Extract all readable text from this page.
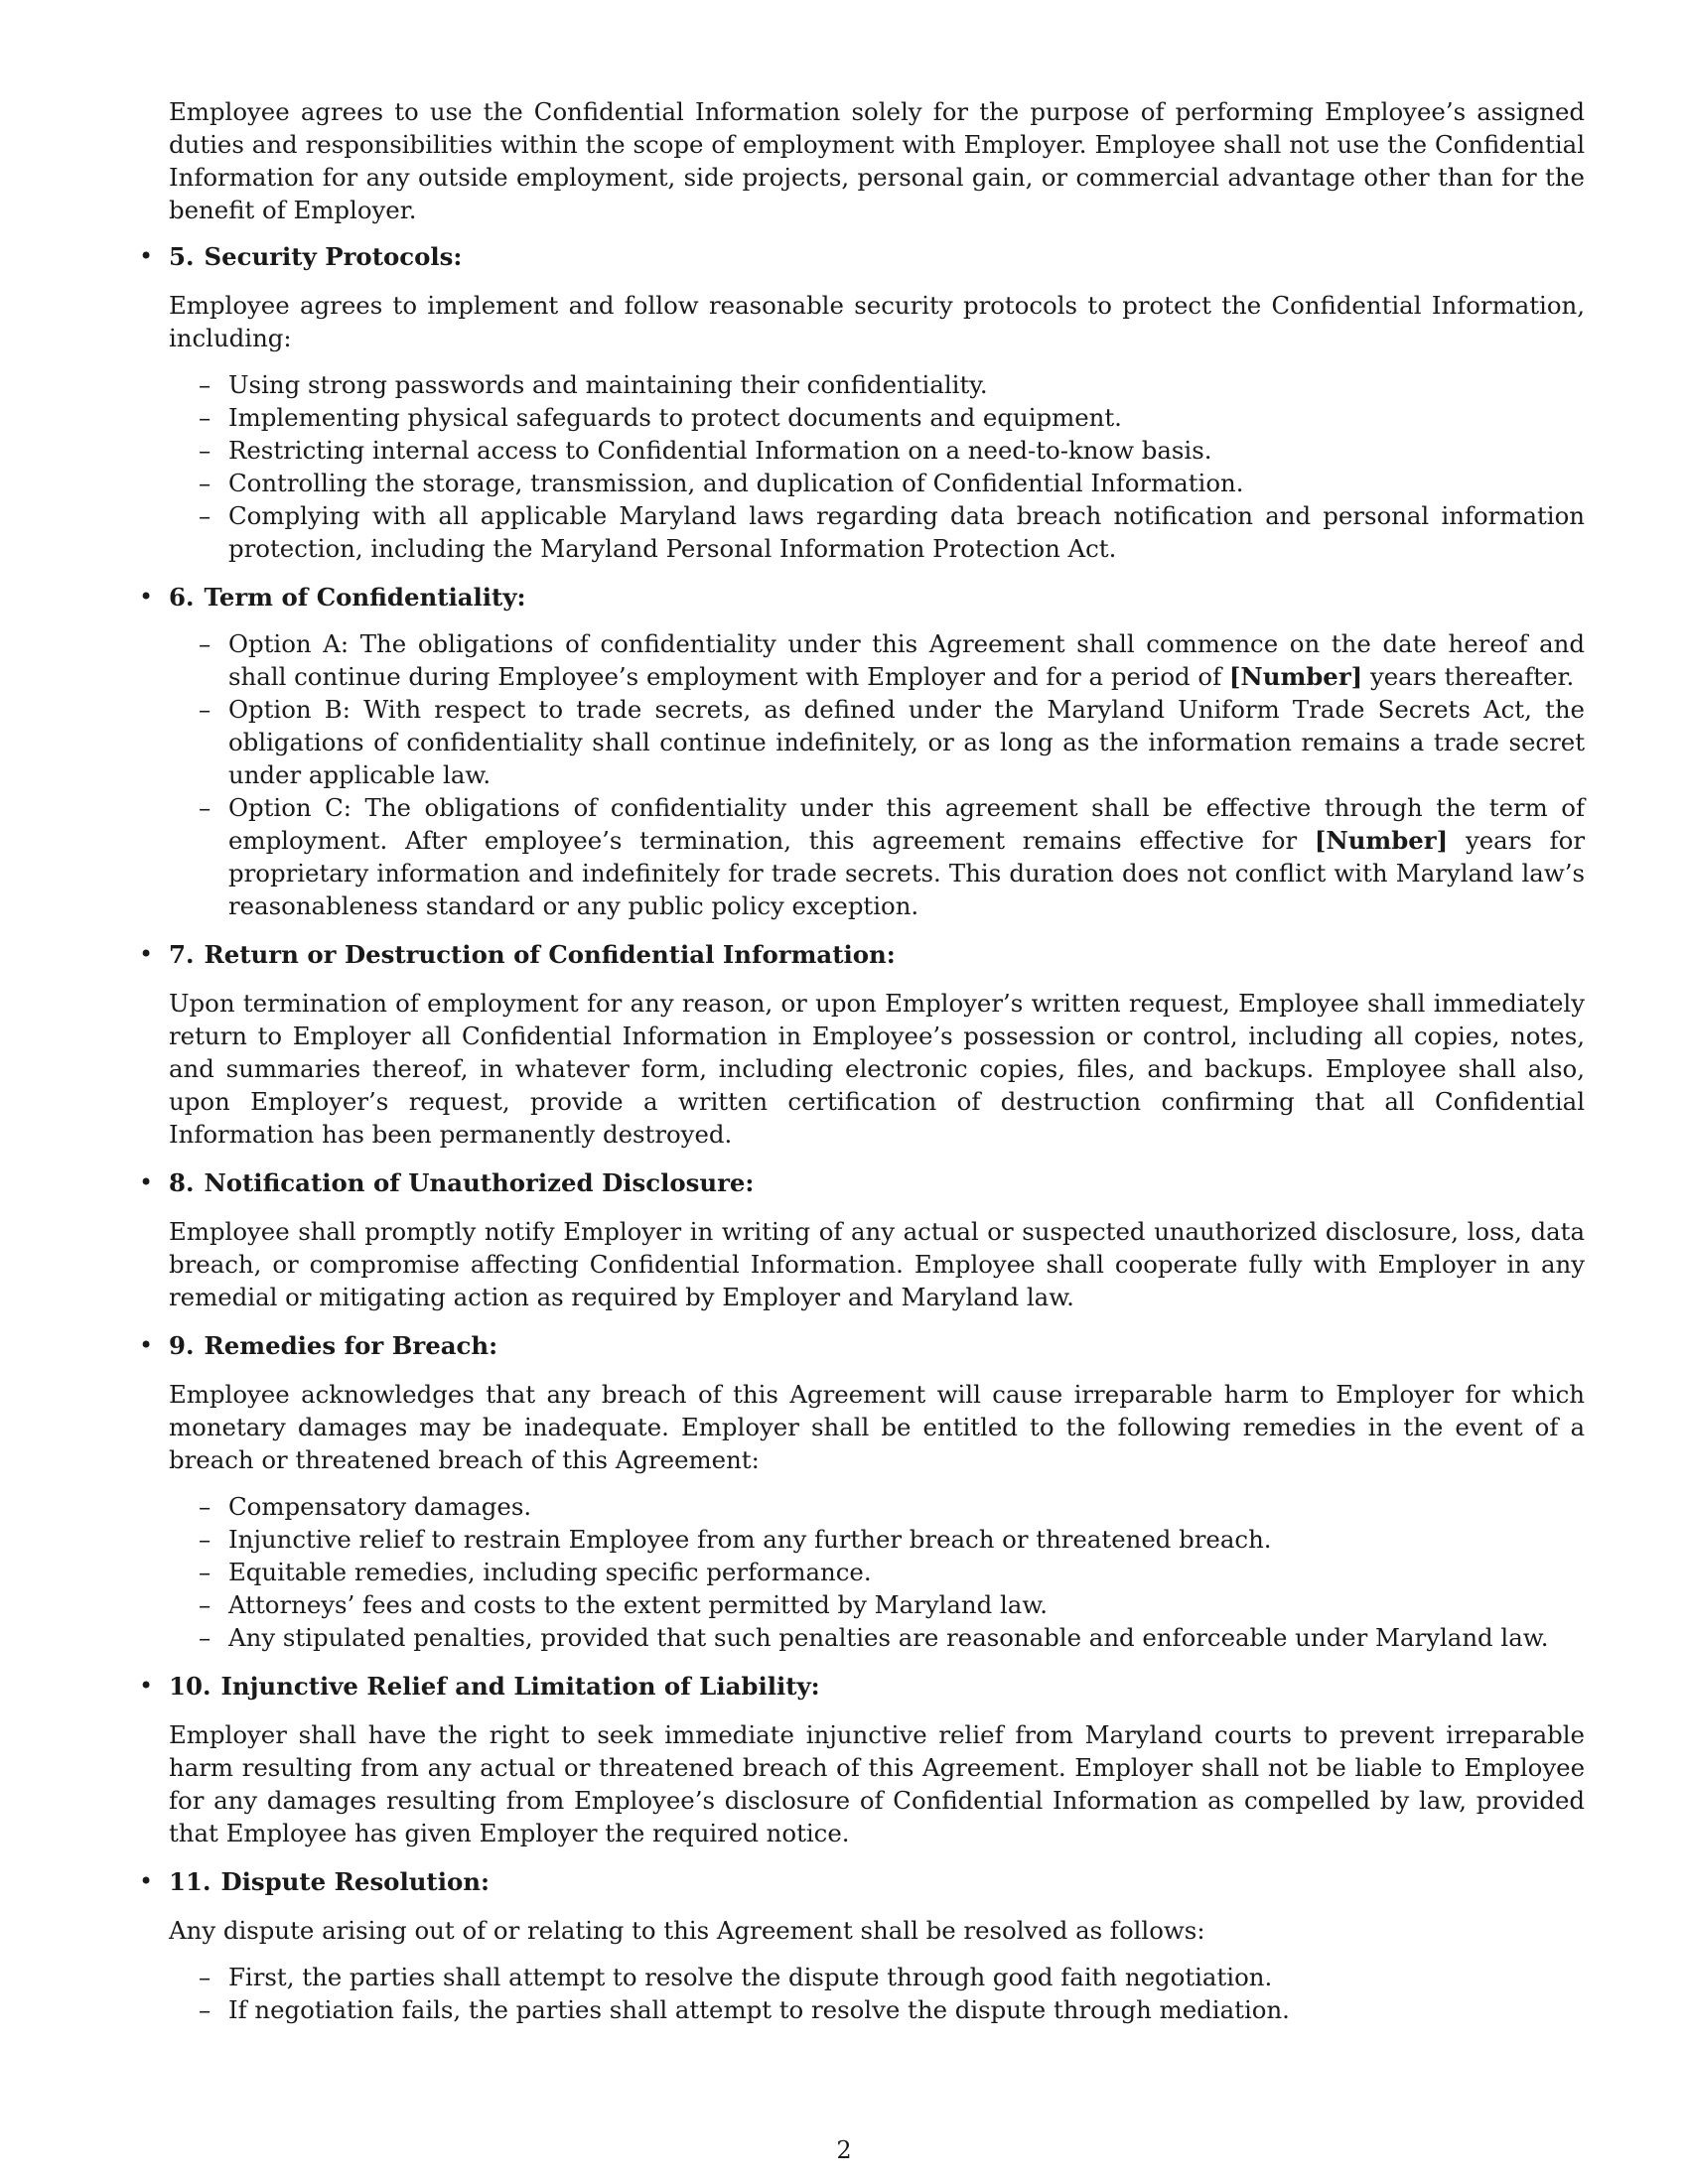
Employee agrees to use the Confidential Information solely for the purpose of performing Employee’s assigned duties and responsibilities within the scope of employment with Employer. Employee shall not use the Confidential Information for any outside employment, side projects, personal gain, or commercial advantage other than for the benefit of Employer.

• 5. Security Protocols:

Employee agrees to implement and follow reasonable security protocols to protect the Confidential Information, including:

– Using strong passwords and maintaining their confidentiality.
– Implementing physical safeguards to protect documents and equipment.
– Restricting internal access to Confidential Information on a need-to-know basis.
– Controlling the storage, transmission, and duplication of Confidential Information.
– Complying with all applicable Maryland laws regarding data breach notification and personal information protection, including the Maryland Personal Information Protection Act.
• 6. Term of Confidentiality:

– Option A: The obligations of confidentiality under this Agreement shall commence on the date hereof and shall continue during Employee’s employment with Employer and for a period of [Number] years thereafter.
– Option B: With respect to trade secrets, as defined under the Maryland Uniform Trade Secrets Act, the obligations of confidentiality shall continue indefinitely, or as long as the information remains a trade secret under applicable law.
– Option C: The obligations of confidentiality under this agreement shall be effective through the term of employment. After employee’s termination, this agreement remains effective for [Number] years for proprietary information and indefinitely for trade secrets. This duration does not conflict with Maryland law’s reasonableness standard or any public policy exception.
• 7. Return or Destruction of Confidential Information:

Upon termination of employment for any reason, or upon Employer’s written request, Employee shall immediately return to Employer all Confidential Information in Employee’s possession or control, including all copies, notes, and summaries thereof, in whatever form, including electronic copies, files, and backups. Employee shall also, upon Employer’s request, provide a written certification of destruction confirming that all Confidential Information has been permanently destroyed.

• 8. Notification of Unauthorized Disclosure:

Employee shall promptly notify Employer in writing of any actual or suspected unauthorized disclosure, loss, data breach, or compromise affecting Confidential Information. Employee shall cooperate fully with Employer in any remedial or mitigating action as required by Employer and Maryland law.

• 9. Remedies for Breach:

Employee acknowledges that any breach of this Agreement will cause irreparable harm to Employer for which monetary damages may be inadequate. Employer shall be entitled to the following remedies in the event of a breach or threatened breach of this Agreement:

– Compensatory damages.
– Injunctive relief to restrain Employee from any further breach or threatened breach.
– Equitable remedies, including specific performance.
– Attorneys’ fees and costs to the extent permitted by Maryland law.
– Any stipulated penalties, provided that such penalties are reasonable and enforceable under Maryland law.
• 10. Injunctive Relief and Limitation of Liability:

Employer shall have the right to seek immediate injunctive relief from Maryland courts to prevent irreparable harm resulting from any actual or threatened breach of this Agreement. Employer shall not be liable to Employee for any damages resulting from Employee’s disclosure of Confidential Information as compelled by law, provided that Employee has given Employer the required notice.

• 11. Dispute Resolution:

Any dispute arising out of or relating to this Agreement shall be resolved as follows:

– First, the parties shall attempt to resolve the dispute through good faith negotiation.
– If negotiation fails, the parties shall attempt to resolve the dispute through mediation.
2
